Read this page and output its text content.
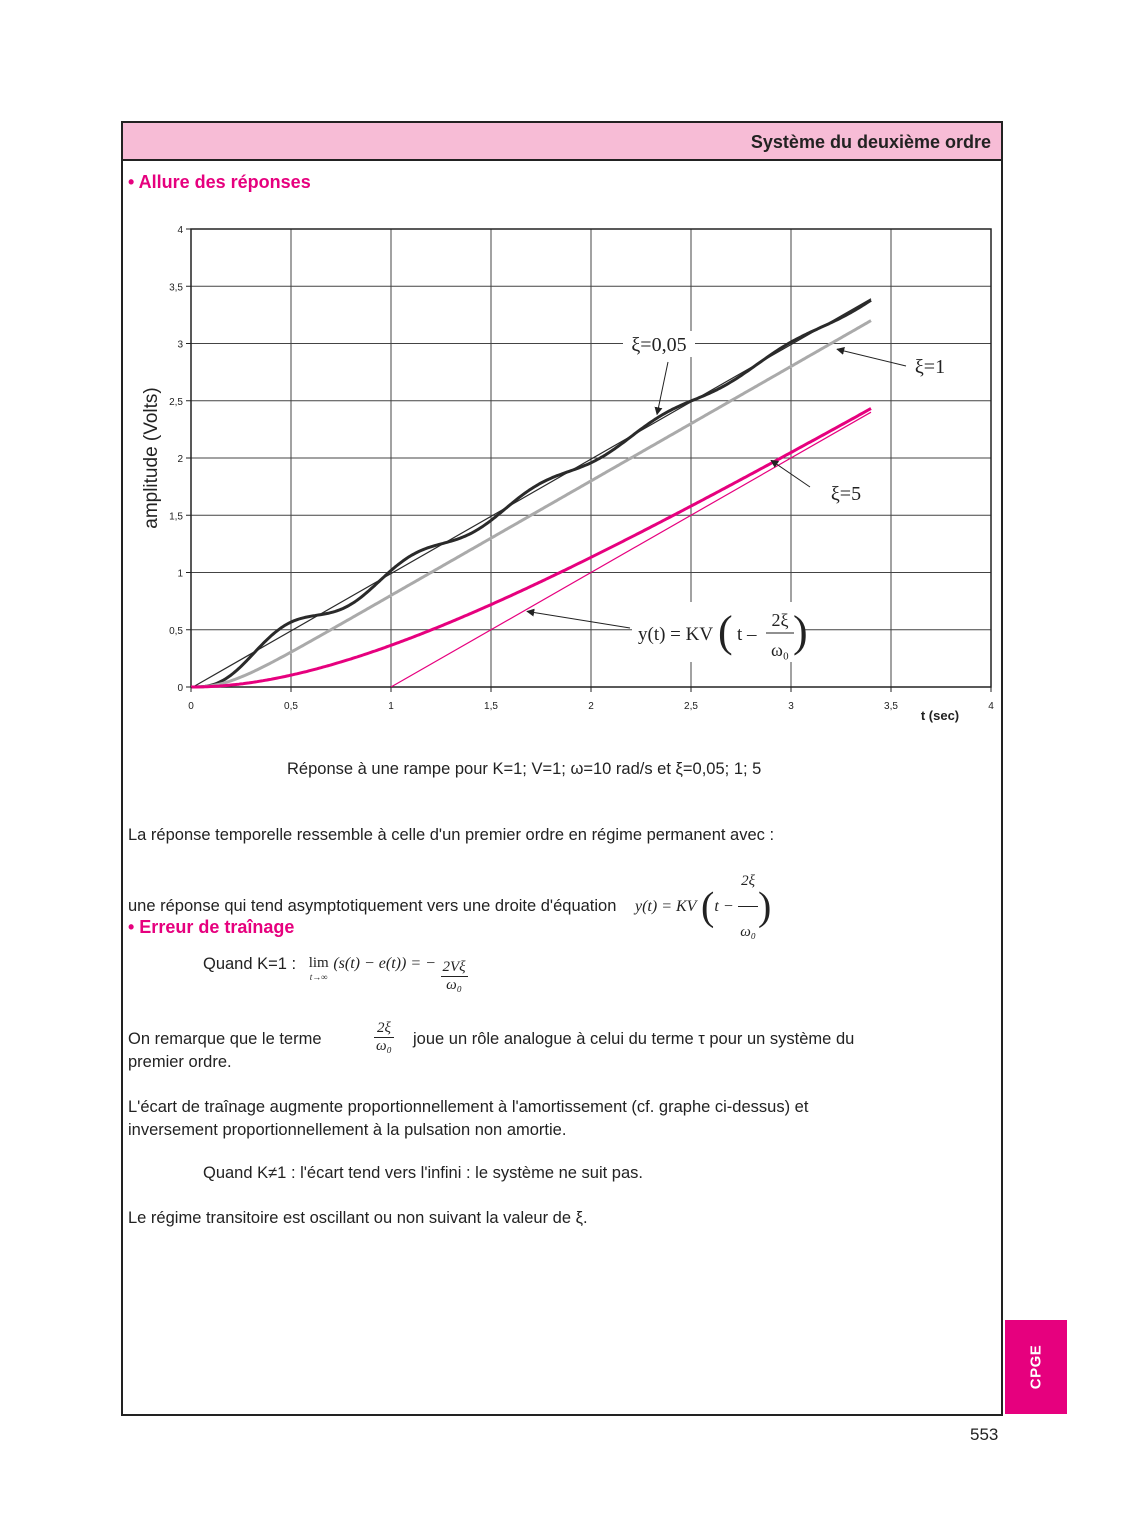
Système du deuxième ordre
• Allure des réponses
0	0,5	1	1,5	2	2,5	3	3,5	4
0
0,5
1
1,5
2
2,5
3
3,5
4
ξ=0,05
ξ=1
ξ=5
y(t) = KV ( t –
2ξ
ω₀ )
amplitude (Volts)
t (sec)
Réponse à une rampe pour K=1; V=1; ω=10 rad/s et ξ=0,05; 1; 5
La réponse temporelle ressemble à celle d'un premier ordre en régime permanent avec :
une réponse qui tend asymptotiquement vers une droite d'équation y(t) = KV ($t - \frac{2\xi}{\text{ω₀}}$ )
• Erreur de traînage
Quand K=1 : lim
t→∞
(s(t) − e(t)) = − $\frac{2V\xi}{\text{ω₀}}$
On remarque que le terme	$\frac{2\xi}{\text{ω₀}}$ joue un rôle analogue à celui du terme τ pour un système du
premier ordre.
L'écart de traînage augmente proportionnellement à l'amortissement (cf. graphe ci-dessus) et
inversement proportionnellement à la pulsation non amortie.
Quand K≠1 : l'écart tend vers l'infini : le système ne suit pas.
Le régime transitoire est oscillant ou non suivant la valeur de ξ.
CPGE
553
